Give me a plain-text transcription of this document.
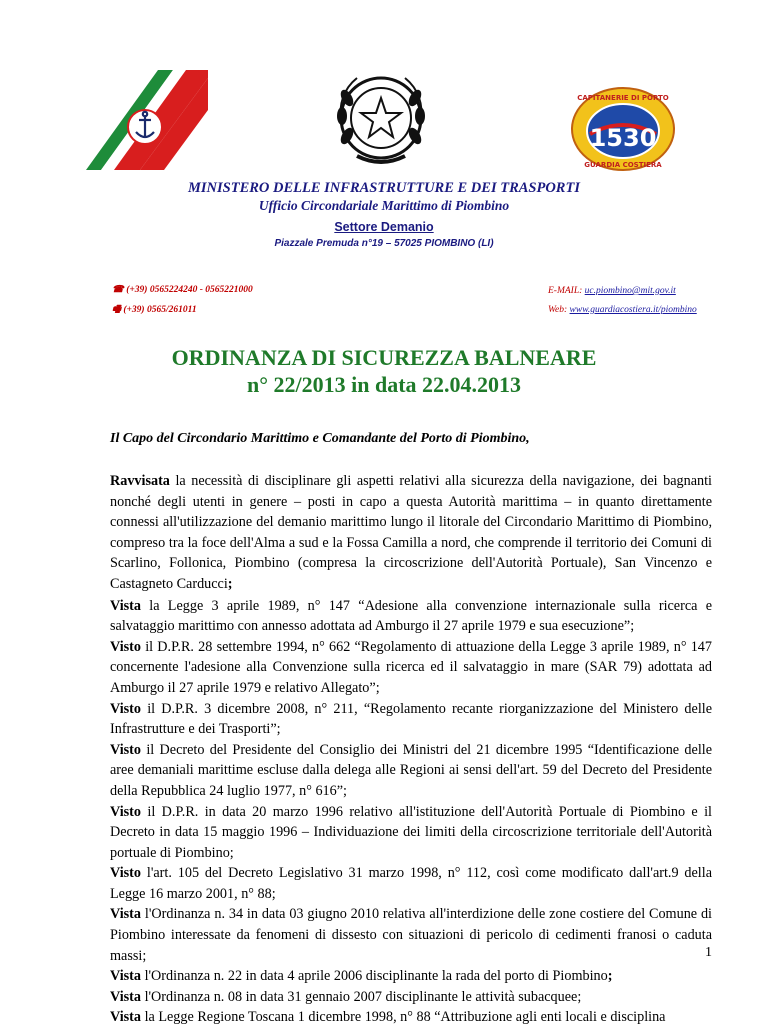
1530
CAPITANERIE DI PORTO
GUARDIA COSTIERA
MINISTERO DELLE INFRASTRUTTURE E DEI TRASPORTI
Ufficio Circondariale Marittimo di Piombino
Settore Demanio
Piazzale Premuda n°19 – 57025 PIOMBINO (LI)
☎ (+39) 0565224240 - 0565221000
🖷 (+39) 0565/261011
E-MAIL: uc.piombino@mit.gov.it
Web: www.guardiacostiera.it/piombino
ORDINANZA DI SICUREZZA BALNEARE
n° 22/2013 in data 22.04.2013
Il Capo del Circondario Marittimo e Comandante del Porto di Piombino,

Ravvisata la necessità di disciplinare gli aspetti relativi alla sicurezza della navigazione, dei bagnanti nonché degli utenti in genere – posti in capo a questa Autorità marittima – in quanto direttamente connessi all'utilizzazione del demanio marittimo lungo il litorale del Circondario Marittimo di Piombino, compreso tra la foce dell'Alma a sud e la Fossa Camilla a nord, che comprende il territorio dei Comuni di Scarlino, Follonica, Piombino (compresa la circoscrizione dell'Autorità Portuale), San Vincenzo e Castagneto Carducci;

Vista la Legge 3 aprile 1989, n° 147 “Adesione alla convenzione internazionale sulla ricerca e salvataggio marittimo con annesso adottata ad Amburgo il 27 aprile 1979 e sua esecuzione”;

Visto il D.P.R. 28 settembre 1994, n° 662 “Regolamento di attuazione della Legge 3 aprile 1989, n° 147 concernente l'adesione alla Convenzione sulla ricerca ed il salvataggio in mare (SAR 79) adottata ad Amburgo il 27 aprile 1979 e relativo Allegato”;

Visto il D.P.R. 3 dicembre 2008, n° 211, “Regolamento recante riorganizzazione del Ministero delle Infrastrutture e dei Trasporti”;

Visto il Decreto del Presidente del Consiglio dei Ministri del 21 dicembre 1995 “Identificazione delle aree demaniali marittime escluse dalla delega alle Regioni ai sensi dell'art. 59 del Decreto del Presidente della Repubblica 24 luglio 1977, n° 616”;

Visto il D.P.R. in data 20 marzo 1996 relativo all'istituzione dell'Autorità Portuale di Piombino e il Decreto in data 15 maggio 1996 – Individuazione dei limiti della circoscrizione territoriale dell'Autorità portuale di Piombino;

Visto l'art. 105 del Decreto Legislativo 31 marzo 1998, n° 112, così come modificato dall'art.9 della Legge 16 marzo 2001, n° 88;

Vista l'Ordinanza n. 34 in data 03 giugno 2010 relativa all'interdizione delle zone costiere del Comune di Piombino interessate da fenomeni di dissesto con situazioni di pericolo di cedimenti franosi o caduta massi;

Vista l'Ordinanza n. 22 in data 4 aprile 2006 disciplinante la rada del porto di Piombino;

Vista l'Ordinanza n. 08 in data 31 gennaio 2007 disciplinante le attività subacquee;

Vista la Legge Regione Toscana 1 dicembre 1998, n° 88 “Attribuzione agli enti locali e disciplina

1
